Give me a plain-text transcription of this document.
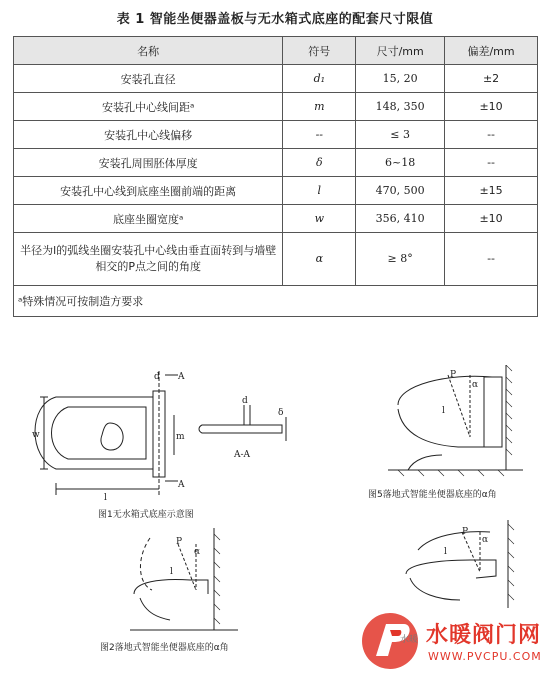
表 1 智能坐便器盖板与无水箱式底座的配套尺寸限值
名称	符号	尺寸/mm	偏差/mm
安装孔直径	d₁	15, 20	±2
安装孔中心线间距ᵃ	m	148, 350	±10
安装孔中心线偏移	--	≤ 3	--
安装孔周围胚体厚度	δ	6~18	--
安装孔中心线到底座坐圈前端的距离	l	470, 500	±15
底座坐圈宽度ᵃ	w	356, 410	±10
半径为l的弧线坐圈安装孔中心线由垂直面转到与墙壁相交的P点之间的角度	α	≥ 8°	--
ᵃ特殊情况可按制造方要求			
A
A
w
l
m
d
d
δ
A-A
图1无水箱式底座示意图
P
α
l
图5落地式智能坐便器底座的α角
P
α
l
图2落地式智能坐便器底座的α角
P
α
l
水暖 水暖阀门网
WWW.PVCPU.COM
